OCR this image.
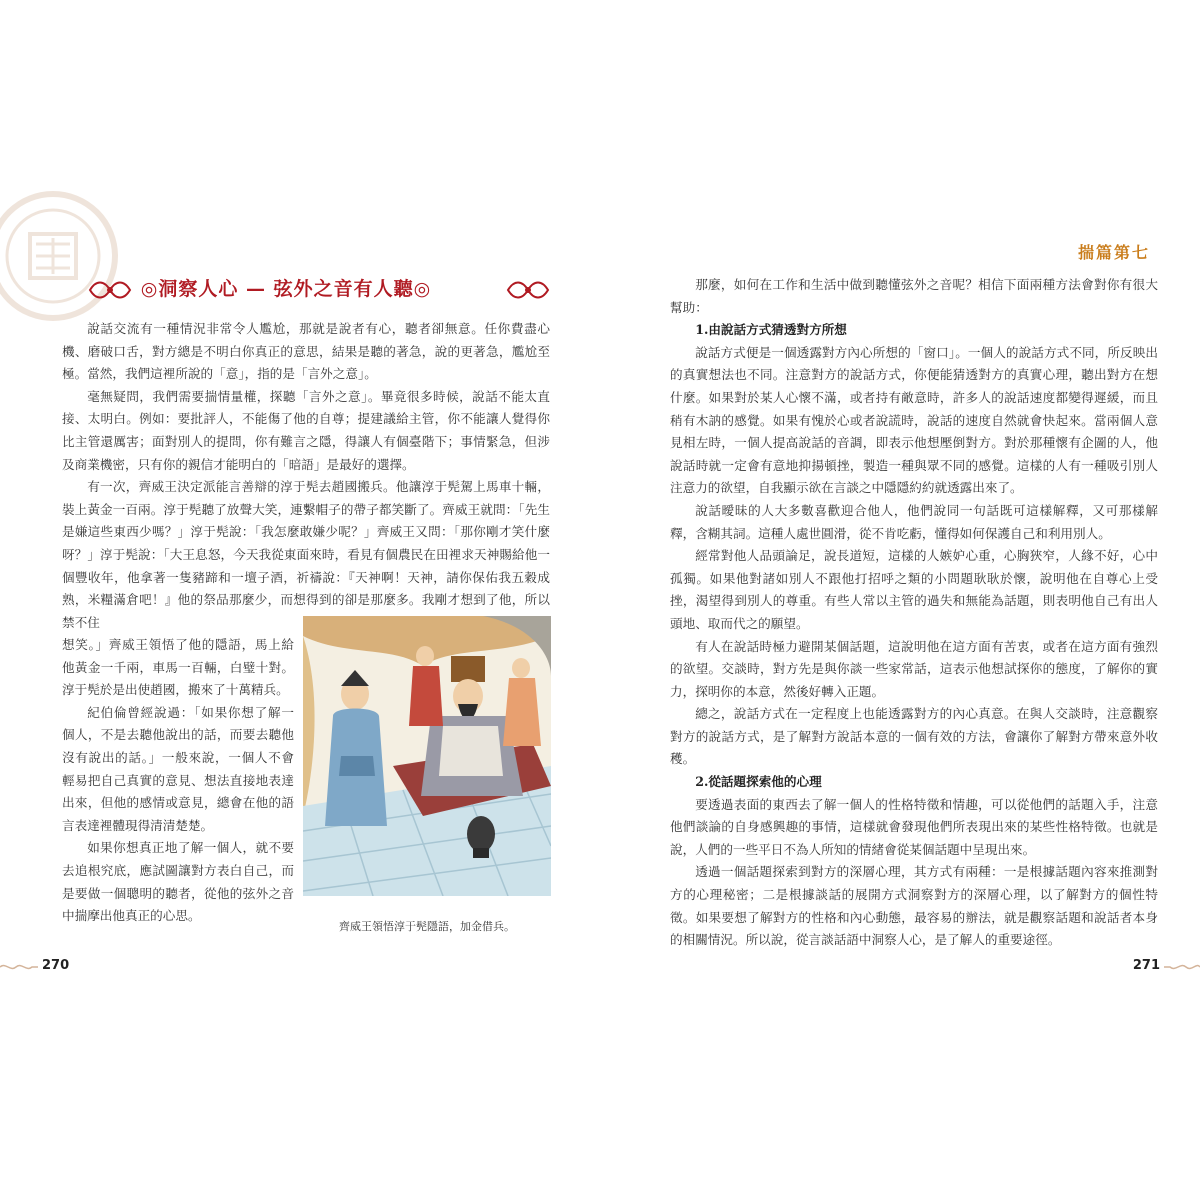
◎洞察人心 — 弦外之音有人聽◎

說話交流有一種情況非常令人尷尬，那就是說者有心，聽者卻無意。任你費盡心機、磨破口舌，對方總是不明白你真正的意思，結果是聽的著急，說的更著急，尷尬至極。當然，我們這裡所說的「意」，指的是「言外之意」。

毫無疑問，我們需要揣情量權，探聽「言外之意」。畢竟很多時候，說話不能太直接、太明白。例如：要批評人，不能傷了他的自尊；提建議給主管，你不能讓人覺得你比主管還厲害；面對別人的提問，你有難言之隱，得讓人有個臺階下；事情緊急，但涉及商業機密，只有你的親信才能明白的「暗語」是最好的選擇。

有一次，齊威王決定派能言善辯的淳于髡去趙國搬兵。他讓淳于髡駕上馬車十輛，裝上黃金一百兩。淳于髡聽了放聲大笑，連繫帽子的帶子都笑斷了。齊威王就問：「先生是嫌這些東西少嗎？」淳于髡說：「我怎麼敢嫌少呢？」齊威王又問：「那你剛才笑什麼呀？」淳于髡說：「大王息怒，今天我從東面來時，看見有個農民在田裡求天神賜給他一個豐收年，他拿著一隻豬蹄和一壇子酒，祈禱說：『天神啊！天神，請你保佑我五穀成熟，米糧滿倉吧！』他的祭品那麼少，而想得到的卻是那麼多。我剛才想到了他，所以禁不住

想笑。」齊威王領悟了他的隱語，馬上給他黃金一千兩，車馬一百輛，白璧十對。淳于髡於是出使趙國，搬來了十萬精兵。

紀伯倫曾經說過：「如果你想了解一個人，不是去聽他說出的話，而要去聽他沒有說出的話。」一般來說，一個人不會輕易把自己真實的意見、想法直接地表達出來，但他的感情或意見，總會在他的語言表達裡體現得清清楚楚。

如果你想真正地了解一個人，就不要去追根究底，應試圖讓對方表白自己，而是要做一個聰明的聽者，從他的弦外之音中揣摩出他真正的心思。

齊威王領悟淳于髡隱語，加金借兵。
270
揣篇第七

那麼，如何在工作和生活中做到聽懂弦外之音呢？相信下面兩種方法會對你有很大幫助：

1.由說話方式猜透對方所想

說話方式便是一個透露對方內心所想的「窗口」。一個人的說話方式不同，所反映出的真實想法也不同。注意對方的說話方式，你便能猜透對方的真實心理，聽出對方在想什麼。如果對於某人心懷不滿，或者持有敵意時，許多人的說話速度都變得遲緩，而且稍有木訥的感覺。如果有愧於心或者說謊時，說話的速度自然就會快起來。當兩個人意見相左時，一個人提高說話的音調，即表示他想壓倒對方。對於那種懷有企圖的人，他說話時就一定會有意地抑揚頓挫，製造一種與眾不同的感覺。這樣的人有一種吸引別人注意力的欲望，自我顯示欲在言談之中隱隱約約就透露出來了。

說話曖昧的人大多數喜歡迎合他人，他們說同一句話既可這樣解釋，又可那樣解釋，含糊其詞。這種人處世圓滑，從不肯吃虧，懂得如何保護自己和利用別人。

經常對他人品頭論足，說長道短，這樣的人嫉妒心重，心胸狹窄，人緣不好，心中孤獨。如果他對諸如別人不跟他打招呼之類的小問題耿耿於懷，說明他在自尊心上受挫，渴望得到別人的尊重。有些人常以主管的過失和無能為話題，則表明他自己有出人頭地、取而代之的願望。

有人在說話時極力避開某個話題，這說明他在這方面有苦衷，或者在這方面有強烈的欲望。交談時，對方先是與你談一些家常話，這表示他想試探你的態度，了解你的實力，探明你的本意，然後好轉入正題。

總之，說話方式在一定程度上也能透露對方的內心真意。在與人交談時，注意觀察對方的說話方式，是了解對方說話本意的一個有效的方法，會讓你了解對方帶來意外收穫。

2.從話題探索他的心理

要透過表面的東西去了解一個人的性格特徵和情趣，可以從他們的話題入手，注意他們談論的自身感興趣的事情，這樣就會發現他們所表現出來的某些性格特徵。也就是說，人們的一些平日不為人所知的情緒會從某個話題中呈現出來。

透過一個話題探索到對方的深層心理，其方式有兩種：一是根據話題內容來推測對方的心理秘密；二是根據談話的展開方式洞察對方的深層心理，以了解對方的個性特徵。如果要想了解對方的性格和內心動態，最容易的辦法，就是觀察話題和說話者本身的相關情況。所以說，從言談話語中洞察人心，是了解人的重要途徑。

271
